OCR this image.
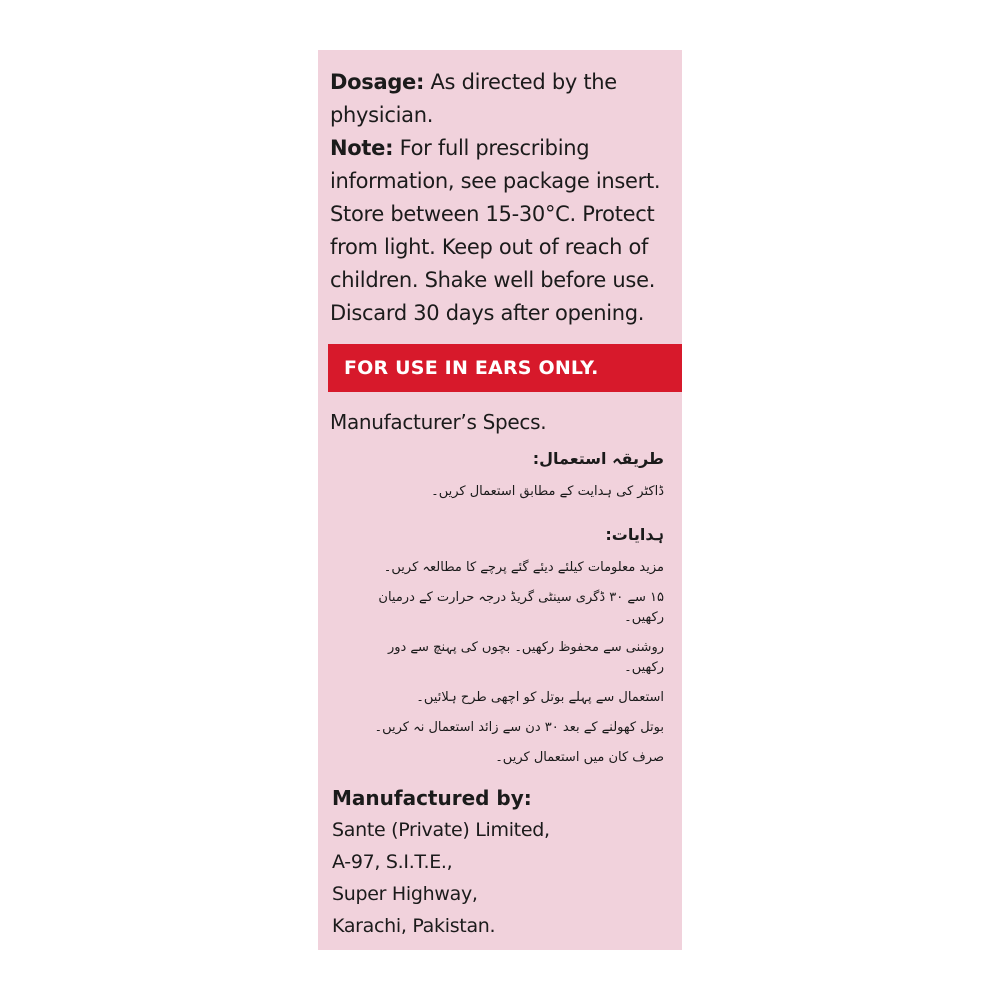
Dosage: As directed by the
physician.
Note: For full prescribing
information, see package insert.
Store between 15-30°C. Protect
from light. Keep out of reach of
children. Shake well before use.
Discard 30 days after opening.
FOR USE IN EARS ONLY.
Manufacturer’s Specs.
طریقہ استعمال:
ڈاکٹر کی ہدایت کے مطابق استعمال کریں۔
ہدایات:
مزید معلومات کیلئے دیئے گئے پرچے کا مطالعہ کریں۔
۱۵ سے ۳۰ ڈگری سینٹی گریڈ درجہ حرارت کے درمیان رکھیں۔
روشنی سے محفوظ رکھیں۔ بچوں کی پہنچ سے دور رکھیں۔
استعمال سے پہلے بوتل کو اچھی طرح ہلائیں۔
بوتل کھولنے کے بعد ۳۰ دن سے زائد استعمال نہ کریں۔
صرف کان میں استعمال کریں۔
Manufactured by:
Sante (Private) Limited,
A-97, S.I.T.E.,
Super Highway,
Karachi, Pakistan.
